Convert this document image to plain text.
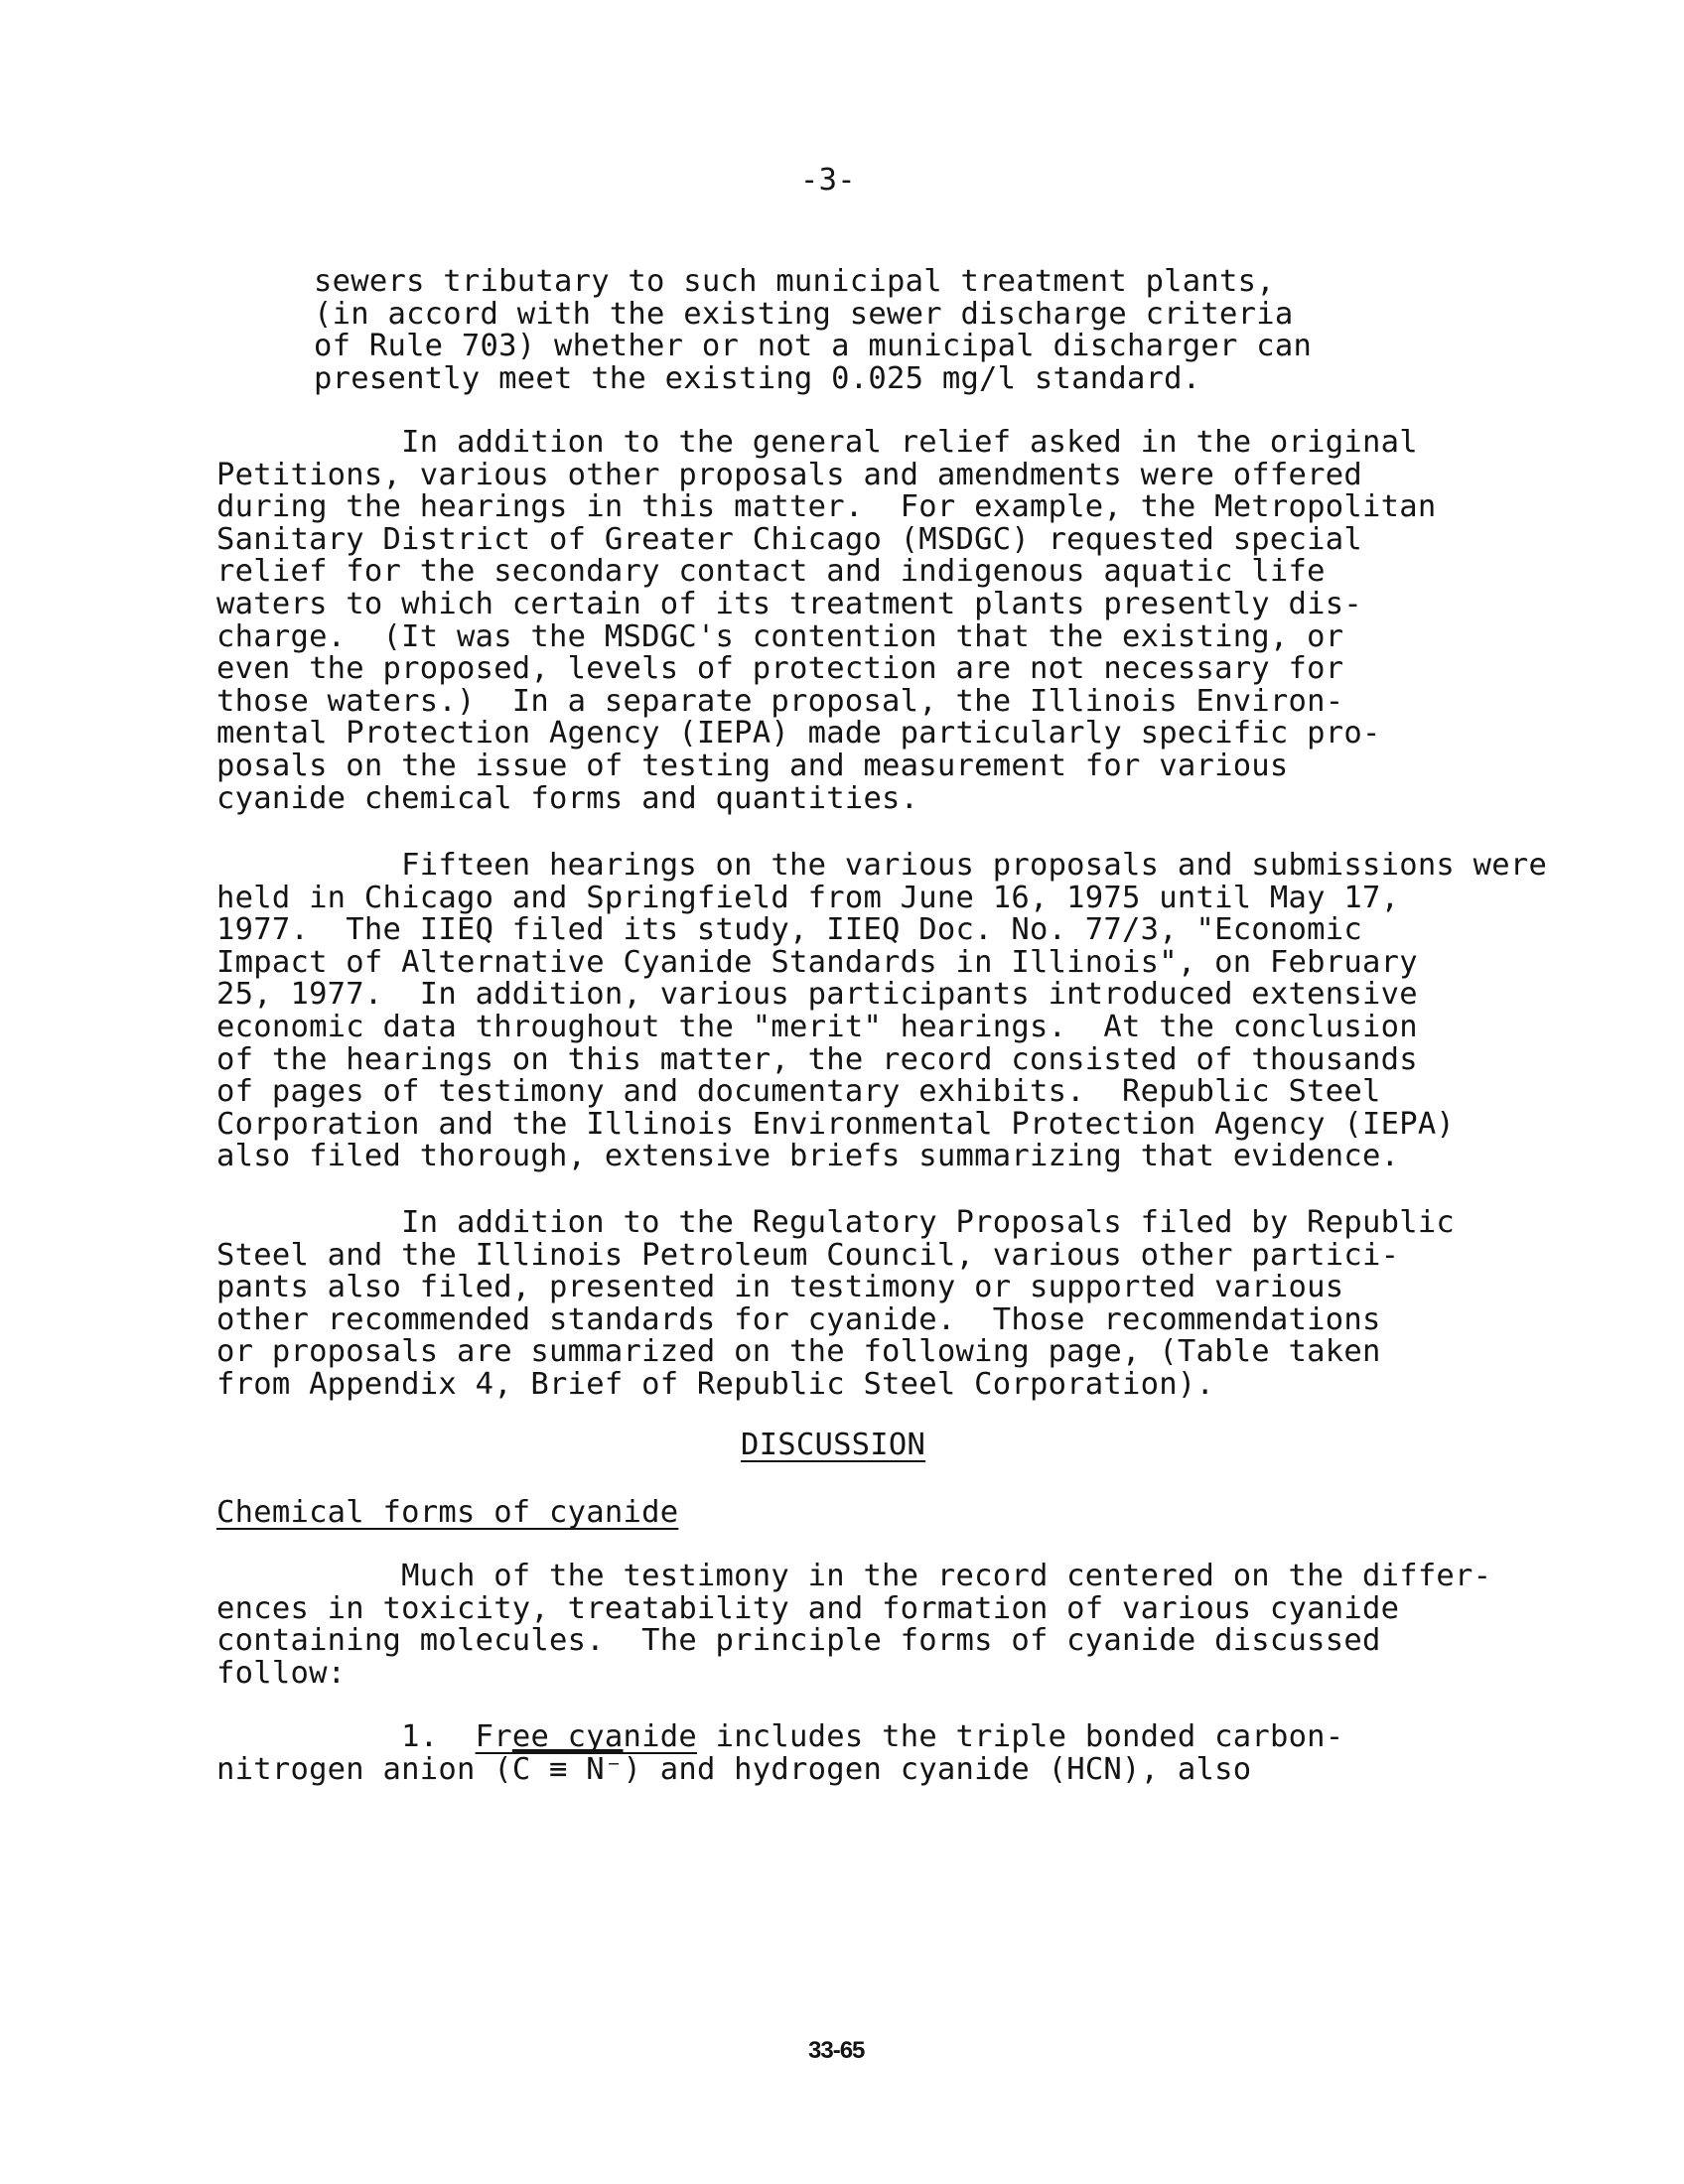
-3-

sewers tributary to such municipal treatment plants,
(in accord with the existing sewer discharge criteria
of Rule 703) whether or not a municipal discharger can
presently meet the existing 0.025 mg/l standard.

In addition to the general relief asked in the original
Petitions, various other proposals and amendments were offered
during the hearings in this matter.  For example, the Metropolitan
Sanitary District of Greater Chicago (MSDGC) requested special
relief for the secondary contact and indigenous aquatic life
waters to which certain of its treatment plants presently dis-
charge.  (It was the MSDGC's contention that the existing, or
even the proposed, levels of protection are not necessary for
those waters.)  In a separate proposal, the Illinois Environ-
mental Protection Agency (IEPA) made particularly specific pro-
posals on the issue of testing and measurement for various
cyanide chemical forms and quantities.

Fifteen hearings on the various proposals and submissions were
held in Chicago and Springfield from June 16, 1975 until May 17,
1977.  The IIEQ filed its study, IIEQ Doc. No. 77/3, "Economic
Impact of Alternative Cyanide Standards in Illinois", on February
25, 1977.  In addition, various participants introduced extensive
economic data throughout the "merit" hearings.  At the conclusion
of the hearings on this matter, the record consisted of thousands
of pages of testimony and documentary exhibits.  Republic Steel
Corporation and the Illinois Environmental Protection Agency (IEPA)
also filed thorough, extensive briefs summarizing that evidence.

In addition to the Regulatory Proposals filed by Republic
Steel and the Illinois Petroleum Council, various other partici-
pants also filed, presented in testimony or supported various
other recommended standards for cyanide.  Those recommendations
or proposals are summarized on the following page, (Table taken
from Appendix 4, Brief of Republic Steel Corporation).

DISCUSSION
Chemical forms of cyanide

Much of the testimony in the record centered on the differ-
ences in toxicity, treatability and formation of various cyanide
containing molecules.  The principle forms of cyanide discussed
follow:

1. Free cyanide includes the triple bonded carbon-
nitrogen anion (C ≡ N⁻) and hydrogen cyanide (HCN), also
33-65
